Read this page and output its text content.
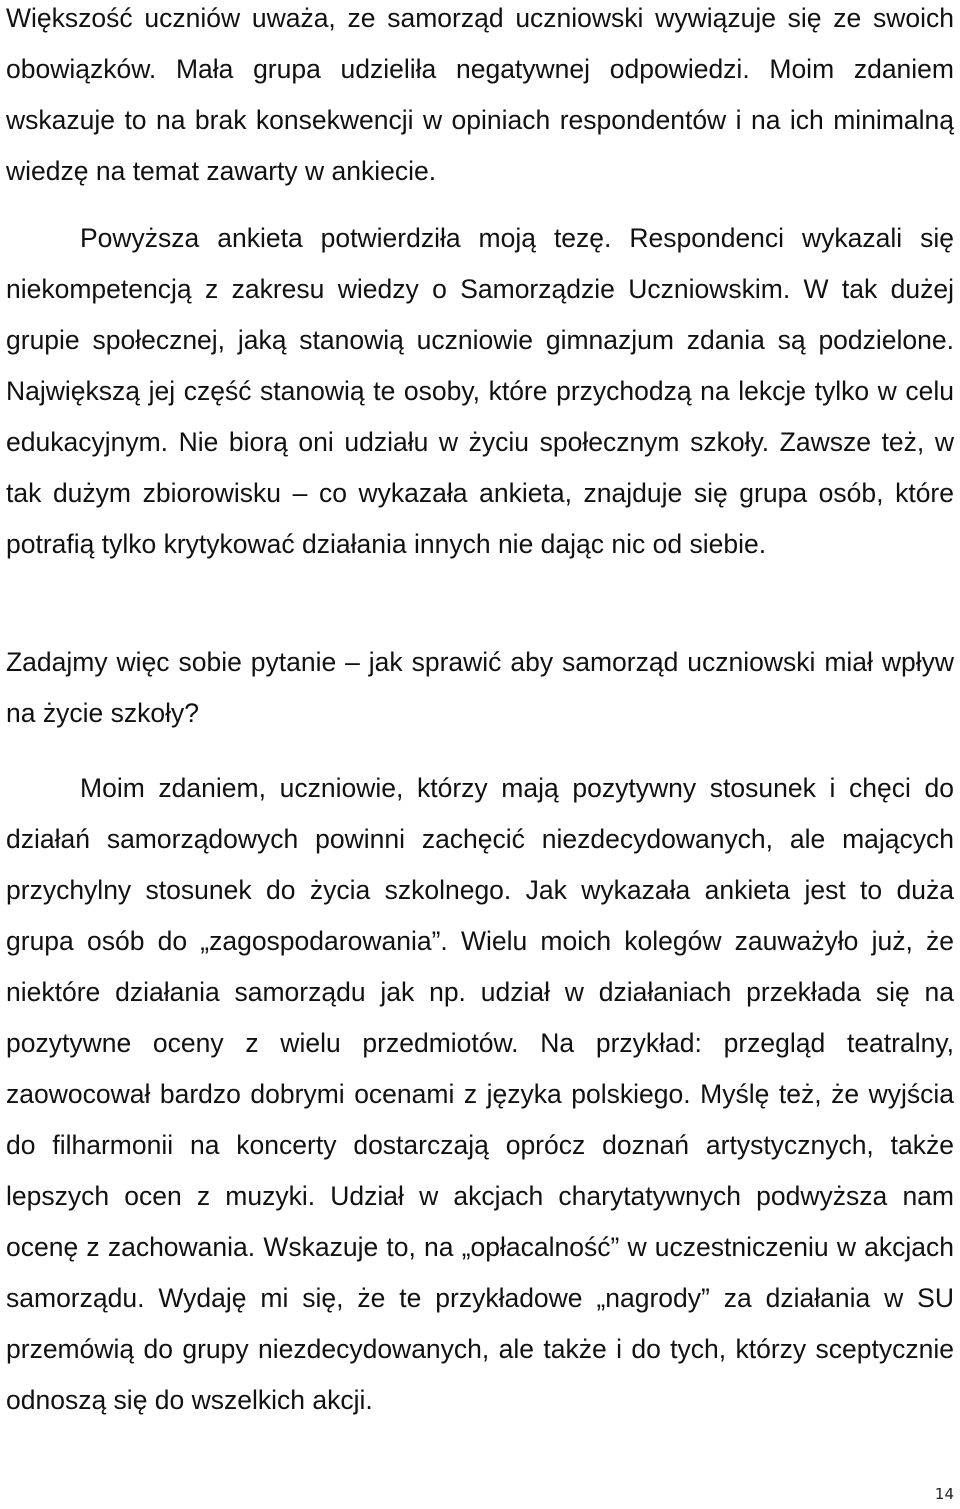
Większość uczniów uważa, ze samorząd uczniowski wywiązuje się ze swoich obowiązków. Mała grupa udzieliła negatywnej odpowiedzi. Moim zdaniem wskazuje to na brak konsekwencji w opiniach respondentów i na ich minimalną wiedzę na temat zawarty w ankiecie.

Powyższa ankieta potwierdziła moją tezę. Respondenci wykazali się niekompetencją z zakresu wiedzy o Samorządzie Uczniowskim. W tak dużej grupie społecznej, jaką stanowią uczniowie gimnazjum zdania są podzielone. Największą jej część stanowią te osoby, które przychodzą na lekcje tylko w celu edukacyjnym. Nie biorą oni udziału w życiu społecznym szkoły. Zawsze też, w tak dużym zbiorowisku – co wykazała ankieta, znajduje się grupa osób, które potrafią tylko krytykować działania innych nie dając nic od siebie.

Zadajmy więc sobie pytanie – jak sprawić aby samorząd uczniowski miał wpływ na życie szkoły?

Moim zdaniem, uczniowie, którzy mają pozytywny stosunek i chęci do działań samorządowych powinni zachęcić niezdecydowanych, ale mających przychylny stosunek do życia szkolnego. Jak wykazała ankieta jest to duża grupa osób do „zagospodarowania”. Wielu moich kolegów zauważyło już, że niektóre działania samorządu jak np. udział w działaniach przekłada się na pozytywne oceny z wielu przedmiotów. Na przykład: przegląd teatralny, zaowocował bardzo dobrymi ocenami z języka polskiego. Myślę też, że wyjścia do filharmonii na koncerty dostarczają oprócz doznań artystycznych, także lepszych ocen z muzyki. Udział w akcjach charytatywnych podwyższa nam ocenę z zachowania. Wskazuje to, na „opłacalność” w uczestniczeniu w akcjach samorządu. Wydaję mi się, że te przykładowe „nagrody” za działania w SU przemówią do grupy niezdecydowanych, ale także i do tych, którzy sceptycznie odnoszą się do wszelkich akcji.

14
